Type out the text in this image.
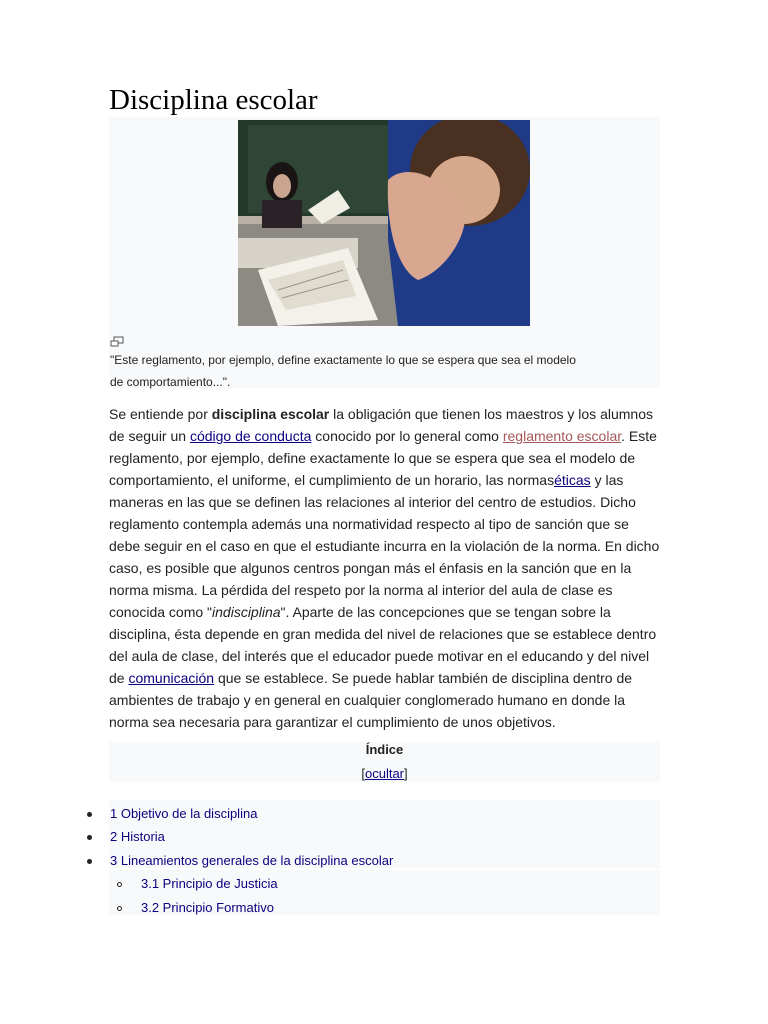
Disciplina escolar
"Este reglamento, por ejemplo, define exactamente lo que se espera que sea el modelo de comportamiento...".
Se entiende por disciplina escolar la obligación que tienen los maestros y los alumnos de seguir un código de conducta conocido por lo general como reglamento escolar. Este reglamento, por ejemplo, define exactamente lo que se espera que sea el modelo de comportamiento, el uniforme, el cumplimiento de un horario, las normaséticas y las maneras en las que se definen las relaciones al interior del centro de estudios. Dicho reglamento contempla además una normatividad respecto al tipo de sanción que se debe seguir en el caso en que el estudiante incurra en la violación de la norma. En dicho caso, es posible que algunos centros pongan más el énfasis en la sanción que en la norma misma. La pérdida del respeto por la norma al interior del aula de clase es conocida como "indisciplina". Aparte de las concepciones que se tengan sobre la disciplina, ésta depende en gran medida del nivel de relaciones que se establece dentro del aula de clase, del interés que el educador puede motivar en el educando y del nivel de comunicación que se establece. Se puede hablar también de disciplina dentro de ambientes de trabajo y en general en cualquier conglomerado humano en donde la norma sea necesaria para garantizar el cumplimiento de unos objetivos.
Índice
[ocultar]
1 Objetivo de la disciplina
2 Historia
3 Lineamientos generales de la disciplina escolar
3.1 Principio de Justicia
3.2 Principio Formativo
